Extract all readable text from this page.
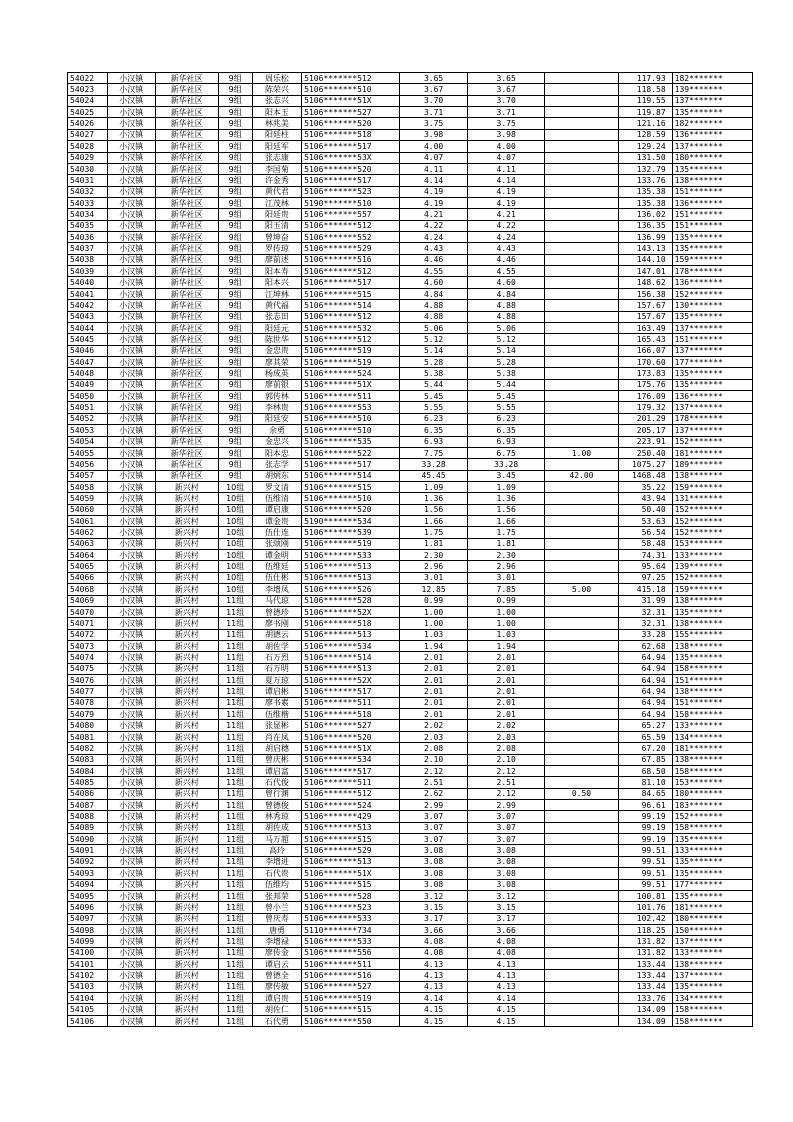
54022	小汉镇	新华社区	9组	周乐松	5106*******512	3.65	3.65		117.93	182*******
54023	小汉镇	新华社区	9组	陈荣兴	5106*******510	3.67	3.67		118.58	139*******
54024	小汉镇	新华社区	9组	张志兴	5106*******51X	3.70	3.70		119.55	137*******
54025	小汉镇	新华社区	9组	阳本玉	5106*******527	3.71	3.71		119.87	135*******
54026	小汉镇	新华社区	9组	林兆美	5106*******520	3.75	3.75		121.16	182*******
54027	小汉镇	新华社区	9组	阳廷柱	5106*******518	3.98	3.98		128.59	136*******
54028	小汉镇	新华社区	9组	阳廷军	5106*******517	4.00	4.00		129.24	137*******
54029	小汉镇	新华社区	9组	张志康	5106*******53X	4.07	4.07		131.50	180*******
54030	小汉镇	新华社区	9组	李国菊	5106*******520	4.11	4.11		132.79	135*******
54031	小汉镇	新华社区	9组	许金秀	5106*******517	4.14	4.14		133.76	138*******
54032	小汉镇	新华社区	9组	黄代君	5106*******523	4.19	4.19		135.38	151*******
54033	小汉镇	新华社区	9组	江茂林	5190*******510	4.19	4.19		135.38	136*******
54034	小汉镇	新华社区	9组	阳廷贵	5106*******557	4.21	4.21		136.02	151*******
54035	小汉镇	新华社区	9组	阳玉清	5106*******512	4.22	4.22		136.35	151*******
54036	小汉镇	新华社区	9组	曾坤奋	5106*******552	4.24	4.24		136.99	135*******
54037	小汉镇	新华社区	9组	罗传琼	5106*******529	4.43	4.43		143.13	135*******
54038	小汉镇	新华社区	9组	廖前述	5106*******516	4.46	4.46		144.10	159*******
54039	小汉镇	新华社区	9组	阳本寿	5106*******512	4.55	4.55		147.01	178*******
54040	小汉镇	新华社区	9组	阳本兴	5106*******517	4.60	4.60		148.62	136*******
54041	小汉镇	新华社区	9组	江坤林	5106*******515	4.84	4.84		156.38	152*******
54042	小汉镇	新华社区	9组	黄代福	5106*******514	4.88	4.88		157.67	130*******
54043	小汉镇	新华社区	9组	张志田	5106*******512	4.88	4.88		157.67	135*******
54044	小汉镇	新华社区	9组	阳廷元	5106*******532	5.06	5.06		163.49	137*******
54045	小汉镇	新华社区	9组	陈世华	5106*******512	5.12	5.12		165.43	151*******
54046	小汉镇	新华社区	9组	金忠贵	5106*******519	5.14	5.14		166.07	137*******
54047	小汉镇	新华社区	9组	廖其荣	5106*******519	5.28	5.28		170.60	177*******
54048	小汉镇	新华社区	9组	杨成英	5106*******524	5.38	5.38		173.83	135*******
54049	小汉镇	新华社区	9组	廖前银	5106*******51X	5.44	5.44		175.76	135*******
54050	小汉镇	新华社区	9组	郭传林	5106*******511	5.45	5.45		176.09	136*******
54051	小汉镇	新华社区	9组	李林贵	5106*******553	5.55	5.55		179.32	137*******
54052	小汉镇	新华社区	9组	阳廷安	5106*******510	6.23	6.23		201.29	178*******
54053	小汉镇	新华社区	9组	余勇	5106*******510	6.35	6.35		205.17	137*******
54054	小汉镇	新华社区	9组	金忠兴	5106*******535	6.93	6.93		223.91	152*******
54055	小汉镇	新华社区	9组	阳本忠	5106*******522	7.75	6.75	1.00	250.40	181*******
54056	小汉镇	新华社区	9组	张志学	5106*******517	33.28	33.28		1075.27	189*******
54057	小汉镇	新华社区	9组	胡炳东	5106*******514	45.45	3.45	42.00	1468.48	138*******
54058	小汉镇	新兴村	10组	罗文清	5106*******515	1.09	1.09		35.22	159*******
54059	小汉镇	新兴村	10组	伍维清	5106*******510	1.36	1.36		43.94	131*******
54060	小汉镇	新兴村	10组	谭启康	5106*******520	1.56	1.56		50.40	152*******
54061	小汉镇	新兴村	10组	谭金贵	5190*******534	1.66	1.66		53.63	152*******
54062	小汉镇	新兴村	10组	伍仕连	5106*******539	1.75	1.75		56.54	152*******
54063	小汉镇	新兴村	10组	张颂刚	5106*******519	1.81	1.81		58.48	153*******
54064	小汉镇	新兴村	10组	谭金明	5106*******533	2.30	2.30		74.31	133*******
54065	小汉镇	新兴村	10组	伍维廷	5106*******513	2.96	2.96		95.64	139*******
54066	小汉镇	新兴村	10组	伍仕彬	5106*******513	3.01	3.01		97.25	152*******
54068	小汉镇	新兴村	10组	李增凤	5106*******526	12.85	7.85	5.00	415.18	159*******
54069	小汉镇	新兴村	11组	马代琼	5106*******528	0.99	0.99		31.99	138*******
54070	小汉镇	新兴村	11组	曾德珍	5106*******52X	1.00	1.00		32.31	135*******
54071	小汉镇	新兴村	11组	廖书刚	5106*******518	1.00	1.00		32.31	138*******
54072	小汉镇	新兴村	11组	胡德云	5106*******513	1.03	1.03		33.28	155*******
54073	小汉镇	新兴村	11组	胡佐学	5106*******534	1.94	1.94		62.68	138*******
54074	小汉镇	新兴村	11组	石万烈	5106*******514	2.01	2.01		64.94	135*******
54075	小汉镇	新兴村	11组	石万明	5106*******513	2.01	2.01		64.94	158*******
54076	小汉镇	新兴村	11组	夏万琼	5106*******52X	2.01	2.01		64.94	151*******
54077	小汉镇	新兴村	11组	谭启彬	5106*******517	2.01	2.01		64.94	138*******
54078	小汉镇	新兴村	11组	廖书素	5106*******511	2.01	2.01		64.94	151*******
54079	小汉镇	新兴村	11组	伍维楷	5106*******518	2.01	2.01		64.94	158*******
54080	小汉镇	新兴村	11组	张显彬	5106*******527	2.02	2.02		65.27	133*******
54081	小汉镇	新兴村	11组	肖在凤	5106*******520	2.03	2.03		65.59	134*******
54082	小汉镇	新兴村	11组	胡启穗	5106*******51X	2.08	2.08		67.20	181*******
54083	小汉镇	新兴村	11组	曾庆彬	5106*******534	2.10	2.10		67.85	138*******
54084	小汉镇	新兴村	11组	谭启富	5106*******517	2.12	2.12		68.50	158*******
54085	小汉镇	新兴村	11组	石代俊	5106*******511	2.51	2.51		81.10	153*******
54086	小汉镇	新兴村	11组	曾行渊	5106*******512	2.62	2.12	0.50	84.65	180*******
54087	小汉镇	新兴村	11组	曾德俊	5106*******524	2.99	2.99		96.61	183*******
54088	小汉镇	新兴村	11组	林秀琼	5106*******429	3.07	3.07		99.19	152*******
54089	小汉镇	新兴村	11组	胡佐成	5106*******513	3.07	3.07		99.19	158*******
54090	小汉镇	新兴村	11组	马万超	5106*******515	3.07	3.07		99.19	135*******
54091	小汉镇	新兴村	11组	高玲	5106*******529	3.08	3.08		99.51	133*******
54092	小汉镇	新兴村	11组	李增进	5106*******513	3.08	3.08		99.51	135*******
54093	小汉镇	新兴村	11组	石代贵	5106*******51X	3.08	3.08		99.51	135*******
54094	小汉镇	新兴村	11组	伍维均	5106*******515	3.08	3.08		99.51	177*******
54095	小汉镇	新兴村	11组	张邦荣	5106*******528	3.12	3.12		100.81	135*******
54096	小汉镇	新兴村	11组	曾小兰	5106*******523	3.15	3.15		101.76	181*******
54097	小汉镇	新兴村	11组	曾庆寿	5106*******533	3.17	3.17		102.42	180*******
54098	小汉镇	新兴村	11组	唐勇	5110*******734	3.66	3.66		118.25	150*******
54099	小汉镇	新兴村	11组	李增禄	5106*******533	4.08	4.08		131.82	137*******
54100	小汉镇	新兴村	11组	廖传金	5106*******556	4.08	4.08		131.82	133*******
54101	小汉镇	新兴村	11组	谭启云	5106*******511	4.13	4.13		133.44	138*******
54102	小汉镇	新兴村	11组	曾德全	5106*******516	4.13	4.13		133.44	137*******
54103	小汉镇	新兴村	11组	廖传敏	5106*******527	4.13	4.13		133.44	135*******
54104	小汉镇	新兴村	11组	谭启贵	5106*******519	4.14	4.14		133.76	134*******
54105	小汉镇	新兴村	11组	胡佐仁	5106*******515	4.15	4.15		134.09	158*******
54106	小汉镇	新兴村	11组	石代勇	5106*******550	4.15	4.15		134.09	158*******
